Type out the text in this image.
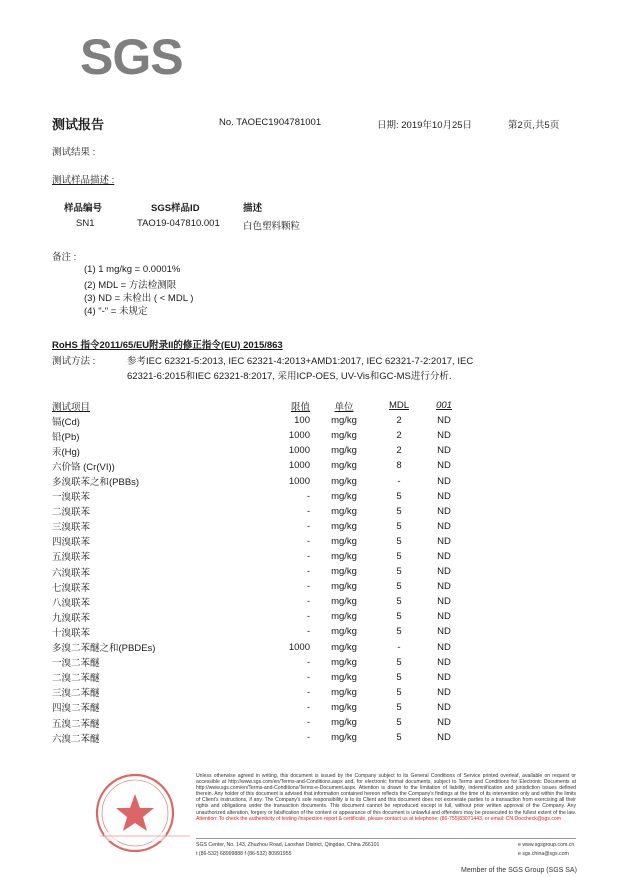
SGS
测试报告	No. TAOEC1904781001	日期: 2019年10月25日	第2页,共5页
测试结果 :
测试样品描述 :
样品编号	SGS样品ID	描述
SN1	TAO19-047810.001 白色塑料颗粒
备注 :
(1) 1 mg/kg = 0.0001%
(2) MDL = 方法检测限
(3) ND = 未检出 ( < MDL )
(4) "-" = 未规定
RoHS 指令2011/65/EU附录II的修正指令(EU) 2015/863
测试方法 :	参考IEC 62321-5:2013, IEC 62321-4:2013+AMD1:2017, IEC 62321-7-2:2017, IEC
62321-6:2015和IEC 62321-8:2017, 采用ICP-OES, UV-Vis和GC-MS进行分析.
测试项目	限值	单位	MDL	001
镉(Cd)	100	mg/kg	2	ND
铅(Pb)	1000	mg/kg	2	ND
汞(Hg)	1000	mg/kg	2	ND
六价铬 (Cr(VI))	1000	mg/kg	8	ND
多溴联苯之和(PBBs)	1000	mg/kg	-	ND
一溴联苯	-	mg/kg	5	ND
二溴联苯	-	mg/kg	5	ND
三溴联苯	-	mg/kg	5	ND
四溴联苯	-	mg/kg	5	ND
五溴联苯	-	mg/kg	5	ND
六溴联苯	-	mg/kg	5	ND
七溴联苯	-	mg/kg	5	ND
八溴联苯	-	mg/kg	5	ND
九溴联苯	-	mg/kg	5	ND
十溴联苯	-	mg/kg	5	ND
多溴二苯醚之和(PBDEs)	1000	mg/kg	-	ND
一溴二苯醚	-	mg/kg	5	ND
二溴二苯醚	-	mg/kg	5	ND
三溴二苯醚	-	mg/kg	5	ND
四溴二苯醚	-	mg/kg	5	ND
五溴二苯醚	-	mg/kg	5	ND
六溴二苯醚	-	mg/kg	5	ND
Unless otherwise agreed in writing, this document is issued by the Company subject to its General Conditions of Service printed overleaf, available on request or accessible at http://www.sgs.com/en/Terms-and-Conditions.aspx and, for electronic format documents, subject to Terms and Conditions for Electronic Documents at http://www.sgs.com/en/Terms-and-Conditions/Terms-e-Document.aspx. Attention is drawn to the limitation of liability, indemnification and jurisdiction issues defined therein. Any holder of this document is advised that information contained hereon reflects the Company's findings at the time of its intervention only and within the limits of Client's instructions, if any. The Company's sole responsibility is to its Client and this document does not exonerate parties to a transaction from exercising all their rights and obligations under the transaction documents. This document cannot be reproduced except in full, without prior written approval of the Company. Any unauthorized alteration, forgery or falsification of the content or appearance of this document is unlawful and offenders may be prosecuted to the fullest extent of the law. Attention: To check the authenticity of testing /inspection report & certificate, please contact us at telephone: (86-755)83071443, or email: CN.Doccheck@sgs.com
SGS Center, No. 143, Zhuzhou Road, Laoshan District, Qingdao, China 266101
t (86-532) 68999888 f (86-532) 80991955
e www.sgsgroup.com.cn
e sgs.china@sgs.com
Member of the SGS Group (SGS SA)
